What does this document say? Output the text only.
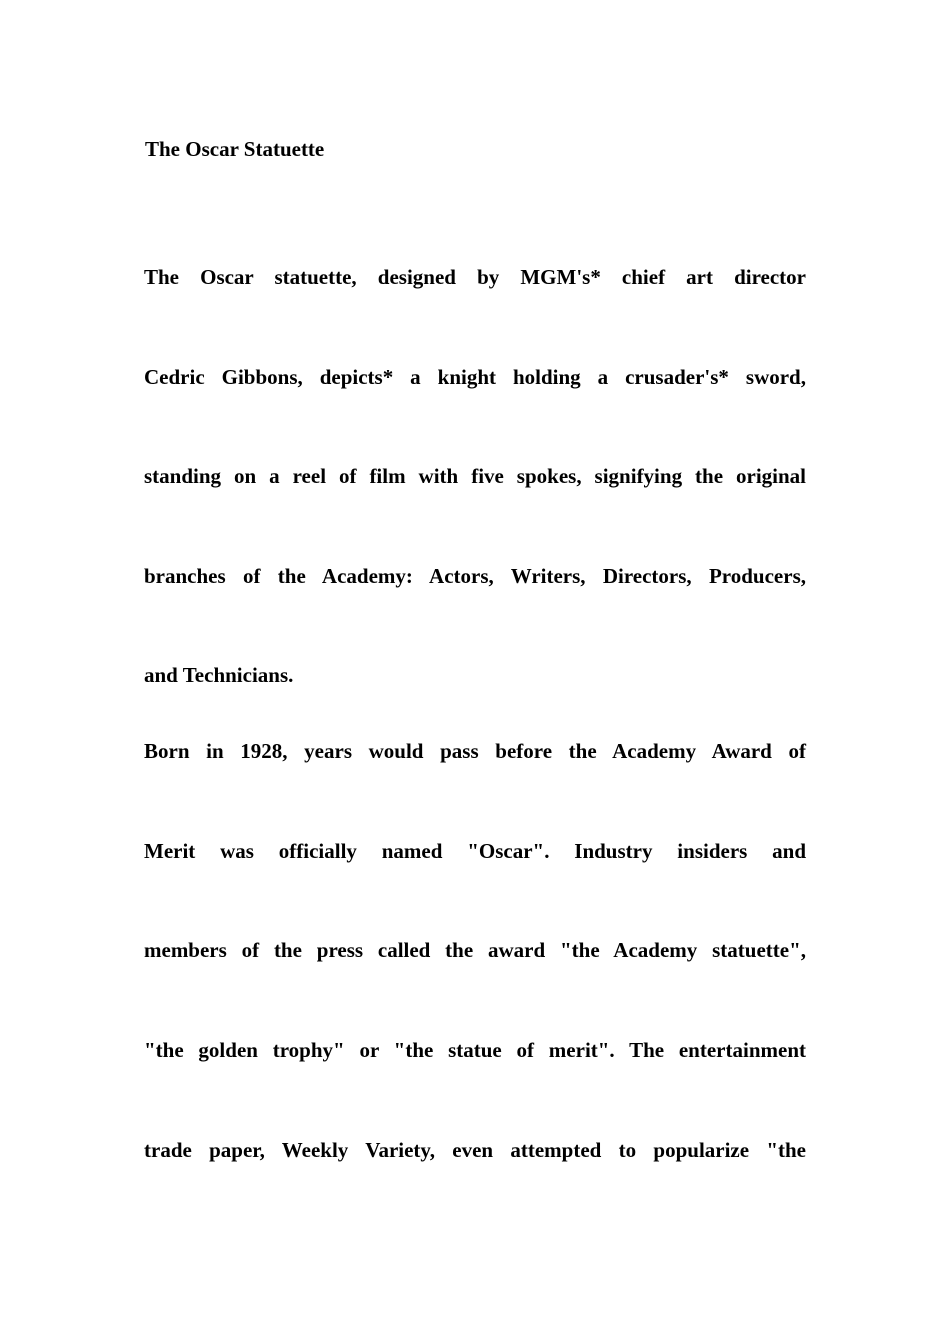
The Oscar Statuette
The Oscar statuette, designed by MGM's* chief art director
Cedric Gibbons, depicts* a knight holding a crusader's* sword,
standing on a reel of film with five spokes, signifying the original
branches of the Academy: Actors, Writers, Directors, Producers,
and Technicians.
Born in 1928, years would pass before the Academy Award of
Merit was officially named "Oscar". Industry insiders and
members of the press called the award "the Academy statuette",
"the golden trophy" or "the statue of merit". The entertainment
trade paper, Weekly Variety, even attempted to popularize "the
